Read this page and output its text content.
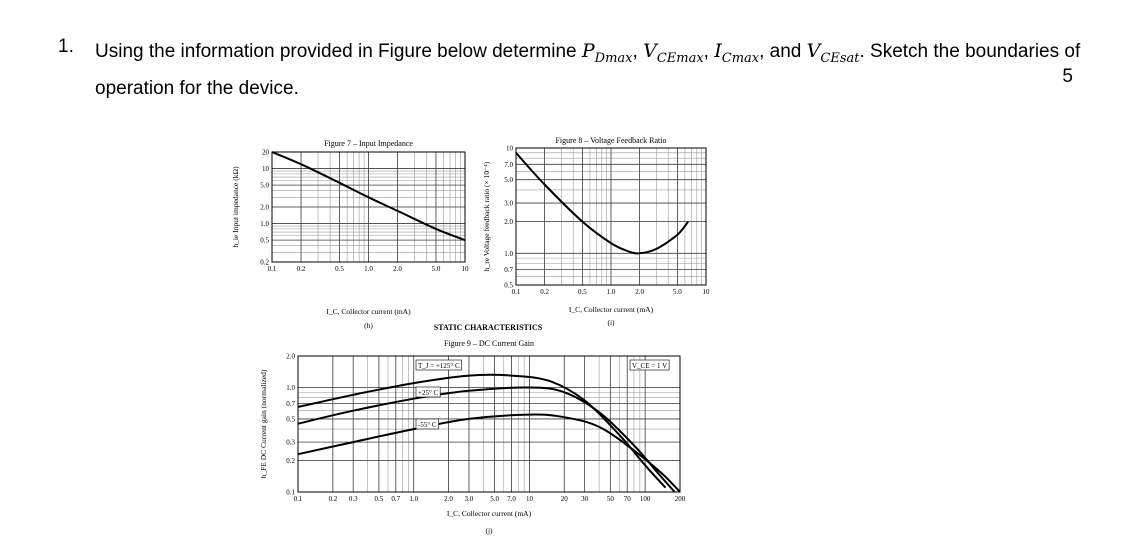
1. Using the information provided in Figure below determine $P_{Dmax}$, $V_{CEmax}$, $I_{Cmax}$, and $V_{CEsat}$. Sketch the boundaries of operation for the device.
5
0.1	0.2	0.5	1.0	2.0	5.0	10
0.2
0.5
1.0
2.0
5.0
10
20
Figure 7 – Input Impedance
I_C, Collector current (mA)
(h)
h_ie Input impedance (kΩ)
0.1	0.2	0.5	1.0	2.0	5.0	10
0.5
0.7
1.0
2.0
3.0
5.0
7.0
10
Figure 8 – Voltage Feedback Ratio
I_C, Collector current (mA)
(i)
h_re Voltage feedback ratio (× 10⁻⁴)
0.1	0.2 0.3 0.5 0.7 1.0	2.0 3.0 5.0 7.0 10	20 30	50 70 100	200
0.1
0.2
0.3
0.5
0.7
1.0
2.0
Figure 9 – DC Current Gain
I_C, Collector current (mA)
(j)
h_FE DC Current gain (normalized)
T_J = +125° C
+25° C
-55° C
V_CE = 1 V
STATIC CHARACTERISTICS
